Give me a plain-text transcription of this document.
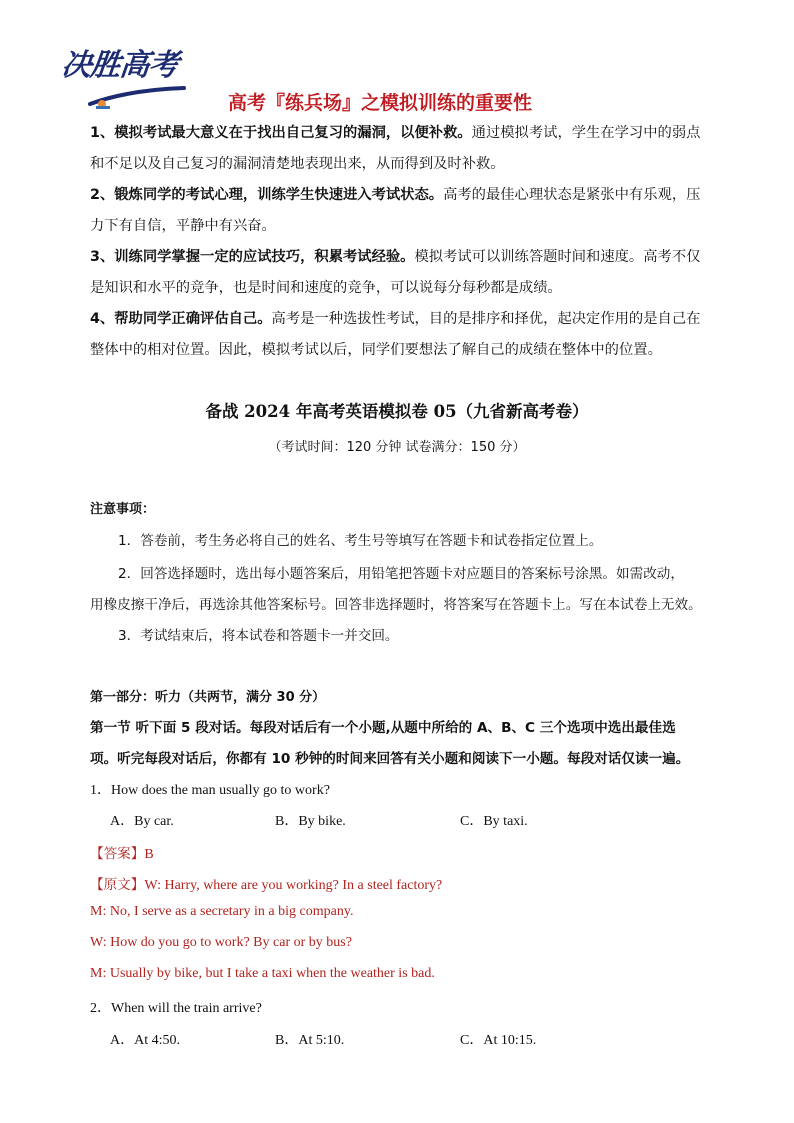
决胜高考
高考『练兵场』之模拟训练的重要性

1、模拟考试最大意义在于找出自己复习的漏洞，以便补救。通过模拟考试，学生在学习中的弱点和不足以及自己复习的漏洞清楚地表现出来，从而得到及时补救。

2、锻炼同学的考试心理，训练学生快速进入考试状态。高考的最佳心理状态是紧张中有乐观，压力下有自信，平静中有兴奋。

3、训练同学掌握一定的应试技巧，积累考试经验。模拟考试可以训练答题时间和速度。高考不仅是知识和水平的竞争，也是时间和速度的竞争，可以说每分每秒都是成绩。

4、帮助同学正确评估自己。高考是一种选拔性考试，目的是排序和择优，起决定作用的是自己在整体中的相对位置。因此，模拟考试以后，同学们要想法了解自己的成绩在整体中的位置。

备战 2024 年高考英语模拟卷 05（九省新高考卷）
（考试时间：120 分钟 试卷满分：150 分）
注意事项：
1．答卷前，考生务必将自己的姓名、考生号等填写在答题卡和试卷指定位置上。
2．回答选择题时，选出每小题答案后，用铅笔把答题卡对应题目的答案标号涂黑。如需改动，
用橡皮擦干净后，再选涂其他答案标号。回答非选择题时，将答案写在答题卡上。写在本试卷上无效。
3．考试结束后，将本试卷和答题卡一并交回。
第一部分：听力（共两节，满分 30 分）
第一节 听下面 5 段对话。每段对话后有一个小题,从题中所给的 A、B、C 三个选项中选出最佳选
项。听完每段对话后，你都有 10 秒钟的时间来回答有关小题和阅读下一小题。每段对话仅读一遍。
1．How does the man usually go to work?
A．By car.	B．By bike.	C．By taxi.
【答案】B
【原文】W: Harry, where are you working? In a steel factory?
M: No, I serve as a secretary in a big company.
W: How do you go to work? By car or by bus?
M: Usually by bike, but I take a taxi when the weather is bad.
2．When will the train arrive?
A．At 4:50.	B．At 5:10.	C．At 10:15.
